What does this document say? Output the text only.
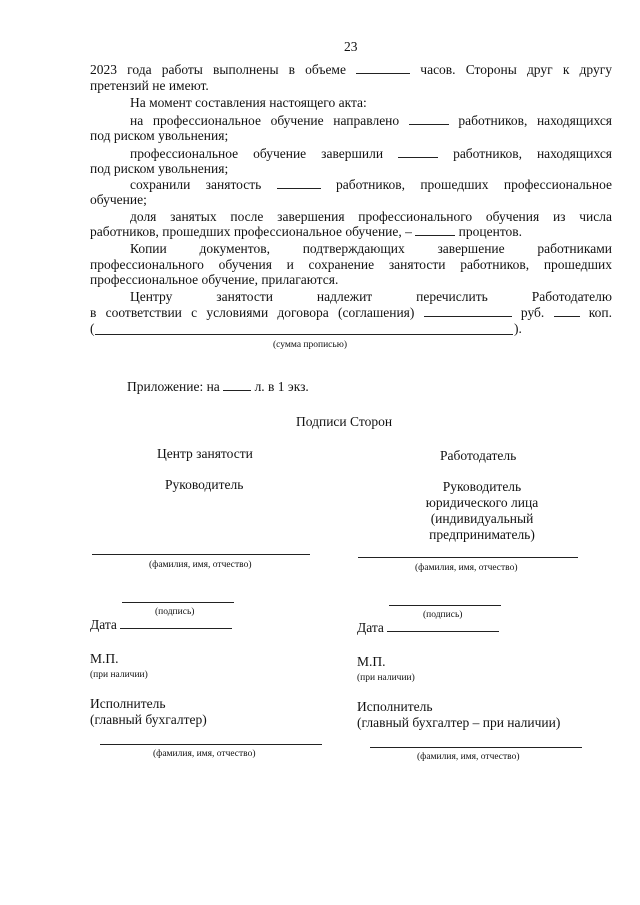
23
2023 года работы выполнены в объеме	часов. Стороны друг к другу
претензий не имеют.
На момент составления настоящего акта:
на профессиональное обучение направлено	работников, находящихся
под риском увольнения;
профессиональное обучение завершили	работников, находящихся
под риском увольнения;
сохранили занятость	работников, прошедших профессиональное
обучение;
доля занятых после завершения профессионального обучения из числа
работников, прошедших профессиональное обучение, –	процентов.
Копии документов, подтверждающих завершение работниками
профессионального обучения и сохранение занятости работников, прошедших
профессиональное обучение, прилагаются.
Центру занятости надлежит перечислить Работодателю
в соответствии с условиями договора (соглашения)	руб.	коп.
(	).
(сумма прописью)
Приложение: на	л. в 1 экз.
Подписи Сторон
Центр занятости
Руководитель
(фамилия, имя, отчество)
(подпись)
Дата
М.П.
(при наличии)
Исполнитель
(главный бухгалтер)
(фамилия, имя, отчество)
Работодатель
Руководитель
юридического лица
(индивидуальный
предприниматель)
(фамилия, имя, отчество)
(подпись)
Дата
М.П.
(при наличии)
Исполнитель
(главный бухгалтер – при наличии)
(фамилия, имя, отчество)
